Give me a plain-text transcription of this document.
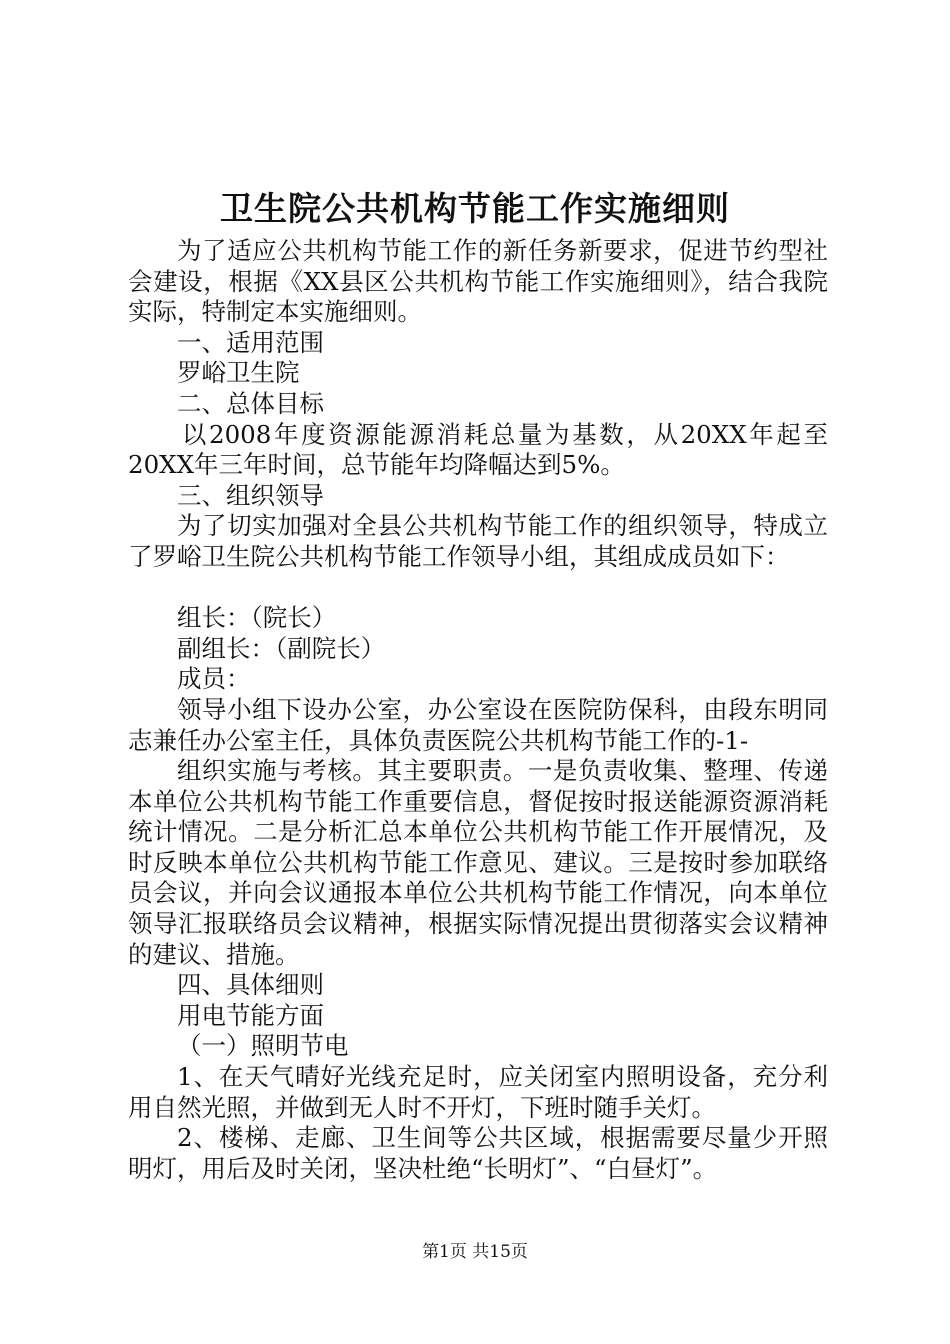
卫生院公共机构节能工作实施细则

为了适应公共机构节能工作的新任务新要求，促进节约型社会建设，根据《XX县区公共机构节能工作实施细则》，结合我院实际，特制定本实施细则。

一、适用范围

罗峪卫生院

二、总体目标

以2008年度资源能源消耗总量为基数，从20XX年起至20XX年三年时间，总节能年均降幅达到5%。

三、组织领导

为了切实加强对全县公共机构节能工作的组织领导，特成立了罗峪卫生院公共机构节能工作领导小组，其组成成员如下：

组长：（院长）

副组长：（副院长）

成员：

领导小组下设办公室，办公室设在医院防保科，由段东明同志兼任办公室主任，具体负责医院公共机构节能工作的-1-

组织实施与考核。其主要职责。一是负责收集、整理、传递本单位公共机构节能工作重要信息，督促按时报送能源资源消耗统计情况。二是分析汇总本单位公共机构节能工作开展情况，及时反映本单位公共机构节能工作意见、建议。三是按时参加联络员会议，并向会议通报本单位公共机构节能工作情况，向本单位领导汇报联络员会议精神，根据实际情况提出贯彻落实会议精神的建议、措施。

四、具体细则

用电节能方面

（一）照明节电

1、在天气晴好光线充足时，应关闭室内照明设备，充分利用自然光照，并做到无人时不开灯，下班时随手关灯。

2、楼梯、走廊、卫生间等公共区域，根据需要尽量少开照明灯，用后及时关闭，坚决杜绝“长明灯”、“白昼灯”。

第1页 共15页
